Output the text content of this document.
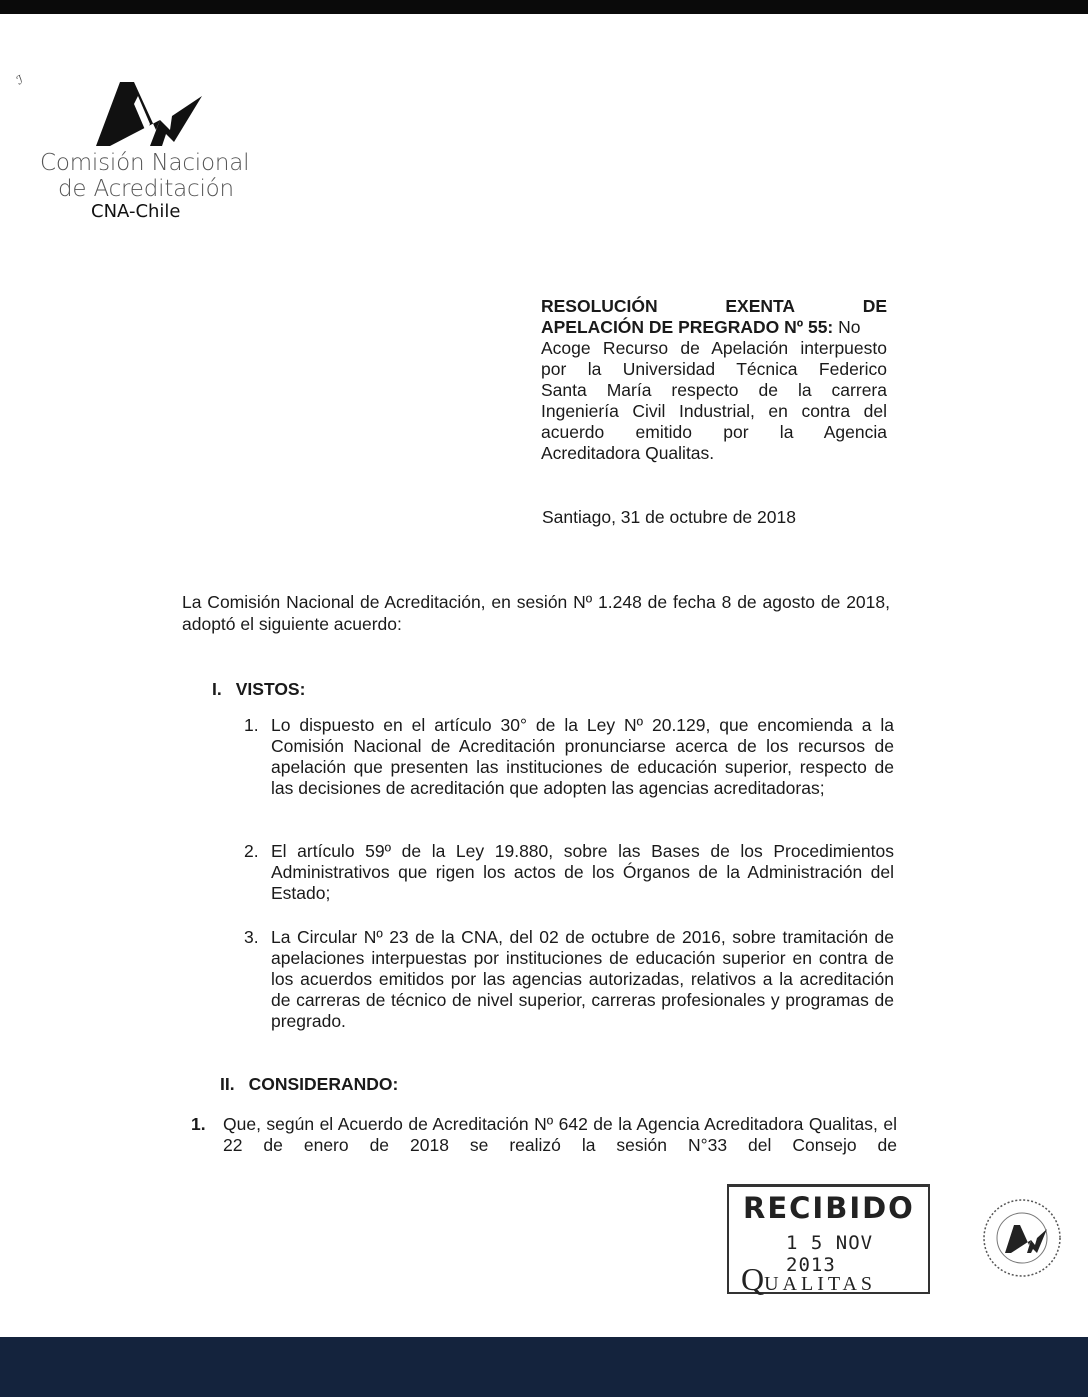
ℐ
Comisión Nacional
de Acreditación
CNA-Chile
RESOLUCIÓN	EXENTA	DE
APELACIÓN DE PREGRADO Nº 55: No
Acoge Recurso de Apelación interpuesto
por la Universidad Técnica Federico
Santa María respecto de la carrera
Ingeniería Civil Industrial, en contra del
acuerdo emitido por la Agencia
Acreditadora Qualitas.
Santiago, 31 de octubre de 2018
La Comisión Nacional de Acreditación, en sesión Nº 1.248 de fecha 8 de agosto de 2018, adoptó el siguiente acuerdo:
I. VISTOS:
1. Lo dispuesto en el artículo 30° de la Ley Nº 20.129, que encomienda a la Comisión Nacional de Acreditación pronunciarse acerca de los recursos de apelación que presenten las instituciones de educación superior, respecto de las decisiones de acreditación que adopten las agencias acreditadoras;
2. El artículo 59º de la Ley 19.880, sobre las Bases de los Procedimientos Administrativos que rigen los actos de los Órganos de la Administración del Estado;
3. La Circular Nº 23 de la CNA, del 02 de octubre de 2016, sobre tramitación de apelaciones interpuestas por instituciones de educación superior en contra de los acuerdos emitidos por las agencias autorizadas, relativos a la acreditación de carreras de técnico de nivel superior, carreras profesionales y programas de pregrado.
II. CONSIDERANDO:
1. Que, según el Acuerdo de Acreditación Nº 642 de la Agencia Acreditadora Qualitas, el 22 de enero de 2018 se realizó la sesión N°33 del Consejo de
RECIBIDO
1 5 NOV 2013
QUALITAS
